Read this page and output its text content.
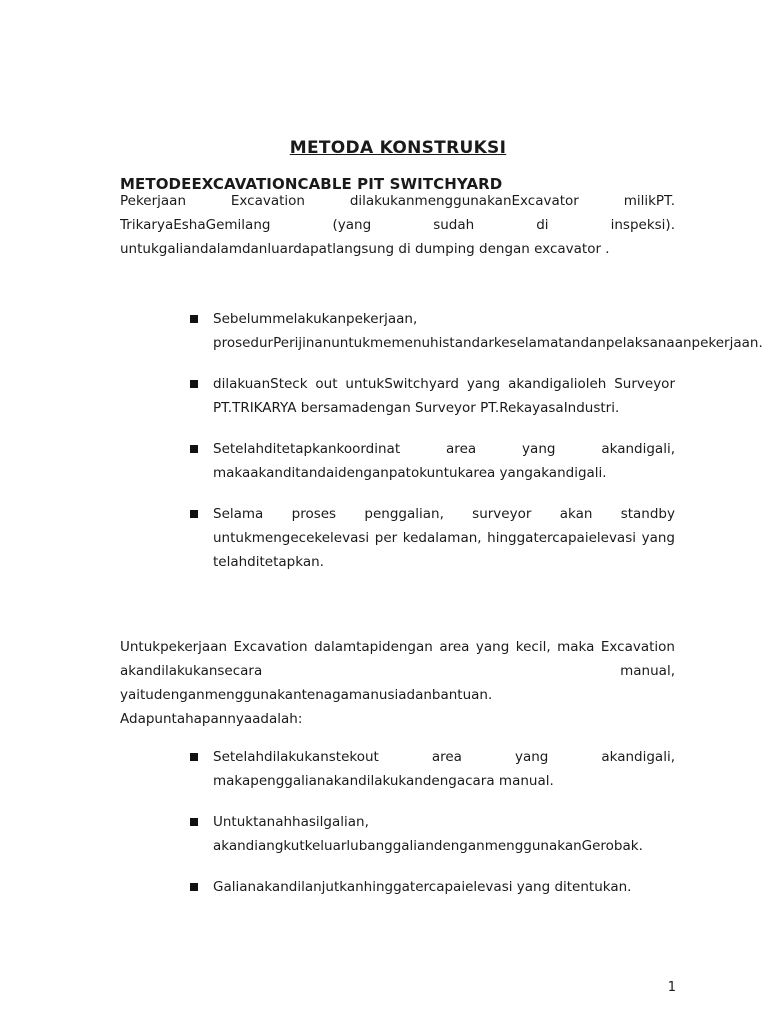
METODA KONSTRUKSI
METODEEXCAVATIONCABLE PIT SWITCHYARD
Pekerjaan Excavation dilakukanmenggunakanExcavator milikPT. TrikaryaEshaGemilang (yang sudah di inspeksi). untukgaliandalamdanluardapatlangsung di dumping dengan excavator .
Sebelummelakukanpekerjaan, prosedurPerijinanuntukmemenuhistandarkeselamatandanpelaksanaanpekerjaan.
dilakuanSteck out untukSwitchyard yang akandigalioleh Surveyor PT.TRIKARYA bersamadengan Surveyor PT.RekayasaIndustri.
Setelahditetapkankoordinat area yang akandigali, makaakanditandaidenganpatokuntukarea yangakandigali.
Selama proses penggalian, surveyor akan standby untukmengecekelevasi per kedalaman, hinggatercapaielevasi yang telahditetapkan.
Untukpekerjaan Excavation dalamtapidengan area yang kecil, maka Excavation akandilakukansecara manual, yaitudenganmenggunakantenagamanusiadanbantuan. Adapuntahapannyaadalah:
Setelahdilakukanstekout area yang akandigali, makapenggalianakandilakukandengacara manual.
Untuktanahhasilgalian, akandiangkutkeluarlubanggaliandenganmenggunakanGerobak.
Galianakandilanjutkanhinggatercapaielevasi yang ditentukan.
1
